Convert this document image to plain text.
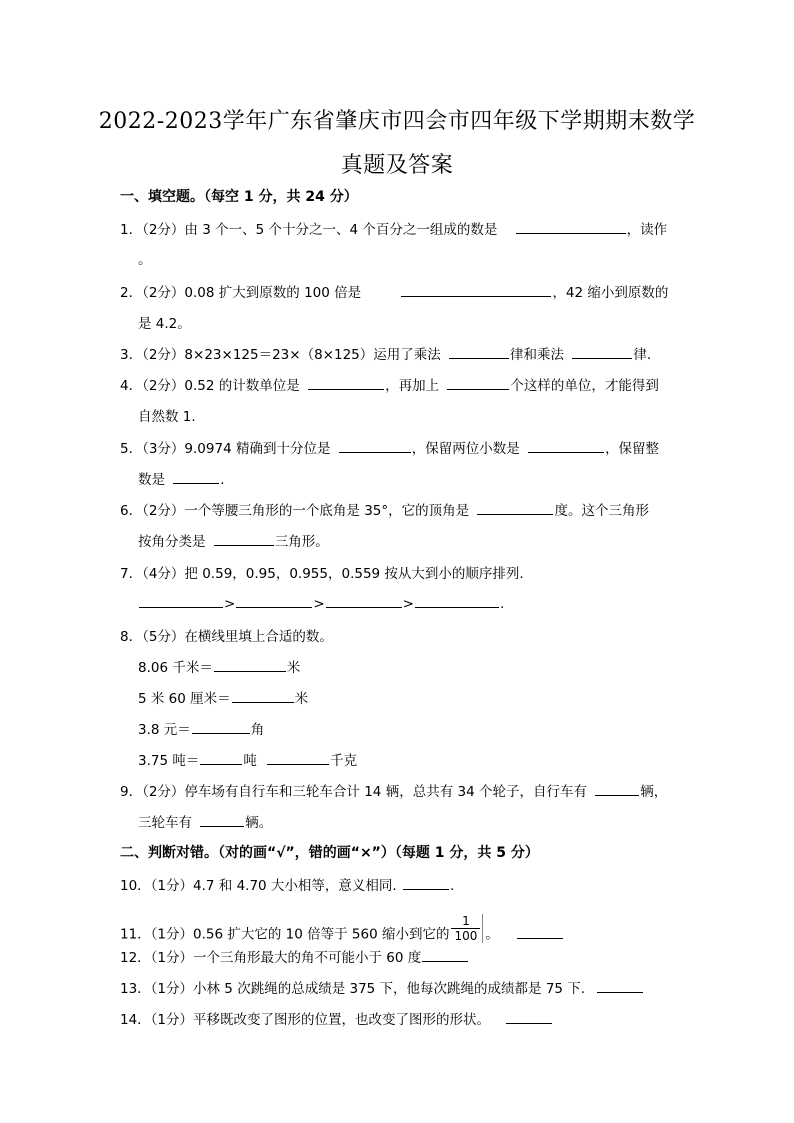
2022-2023学年广东省肇庆市四会市四年级下学期期末数学
真题及答案
一、填空题。（每空 1 分，共 24 分）
1．（2分）由 3 个一、5 个十分之一、4 个百分之一组成的数是	，读作
。
2．（2分）0.08 扩大到原数的 100 倍是	，42 缩小到原数的
是 4.2。
3．（2分）8×23×125＝23×（8×125）运用了乘法	律和乘法	律.
4．（2分）0.52 的计数单位是	，再加上	个这样的单位，才能得到
自然数 1.
5．（3分）9.0974 精确到十分位是	，保留两位小数是	，保留整
数是	.
6．（2分）一个等腰三角形的一个底角是 35°，它的顶角是	度。这个三角形
按角分类是	三角形。
7．（4分）把 0.59，0.95，0.955，0.559 按从大到小的顺序排列.
>	>	>	.
8．（5分）在横线里填上合适的数。
8.06 千米＝	米
5 米 60 厘米＝	米
3.8 元＝	角
3.75 吨＝	吨	千克
9．（2分）停车场有自行车和三轮车合计 14 辆，总共有 34 个轮子，自行车有	辆，
三轮车有	辆。
二、判断对错。（对的画“√”，错的画“×”）（每题 1 分，共 5 分）
10．（1分）4.7 和 4.70 大小相等，意义相同.	.
11．（1分）0.56 扩大它的 10 倍等于 560 缩小到它的 $\frac{1}{100}$ 。
12．（1分）一个三角形最大的角不可能小于 60 度
13．（1分）小林 5 次跳绳的总成绩是 375 下，他每次跳绳的成绩都是 75 下.
14．（1分）平移既改变了图形的位置，也改变了图形的形状。
